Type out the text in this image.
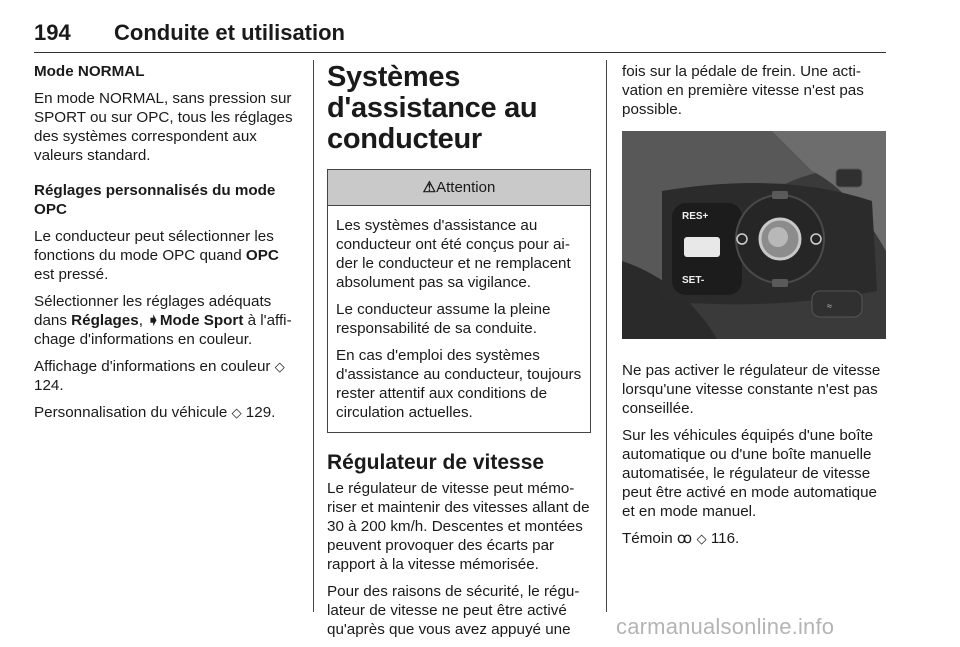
194 Conduite et utilisation

Mode NORMAL

En mode NORMAL, sans pression sur SPORT ou sur OPC, tous les réglages des systèmes correspondent aux valeurs standard.

Réglages personnalisés du mode OPC

Le conducteur peut sélectionner les fonctions du mode OPC quand OPC est pressé.

Sélectionner les réglages adéquats dans Réglages, ➧Mode Sport à l'affichage d'informations en couleur.

Affichage d'informations en couleur ◇ 124.

Personnalisation du véhicule ◇ 129.

Systèmes d'assistance au conducteur
⚠Attention

Les systèmes d'assistance au conducteur ont été conçus pour aider le conducteur et ne remplacent absolument pas sa vigilance.

Le conducteur assume la pleine responsabilité de sa conduite.

En cas d'emploi des systèmes d'assistance au conducteur, toujours rester attentif aux conditions de circulation actuelles.

Régulateur de vitesse

Le régulateur de vitesse peut mémoriser et maintenir des vitesses allant de 30 à 200 km/h. Descentes et montées peuvent provoquer des écarts par rapport à la vitesse mémorisée.

Pour des raisons de sécurité, le régulateur de vitesse ne peut être activé qu'après que vous avez appuyé une

fois sur la pédale de frein. Une activation en première vitesse n'est pas possible.

RES+
SET-
≈

Ne pas activer le régulateur de vitesse lorsqu'une vitesse constante n'est pas conseillée.

Sur les véhicules équipés d'une boîte automatique ou d'une boîte manuelle automatisée, le régulateur de vitesse peut être activé en mode automatique et en mode manuel.

Témoin ꝏ ◇ 116.

carmanualsonline.info
